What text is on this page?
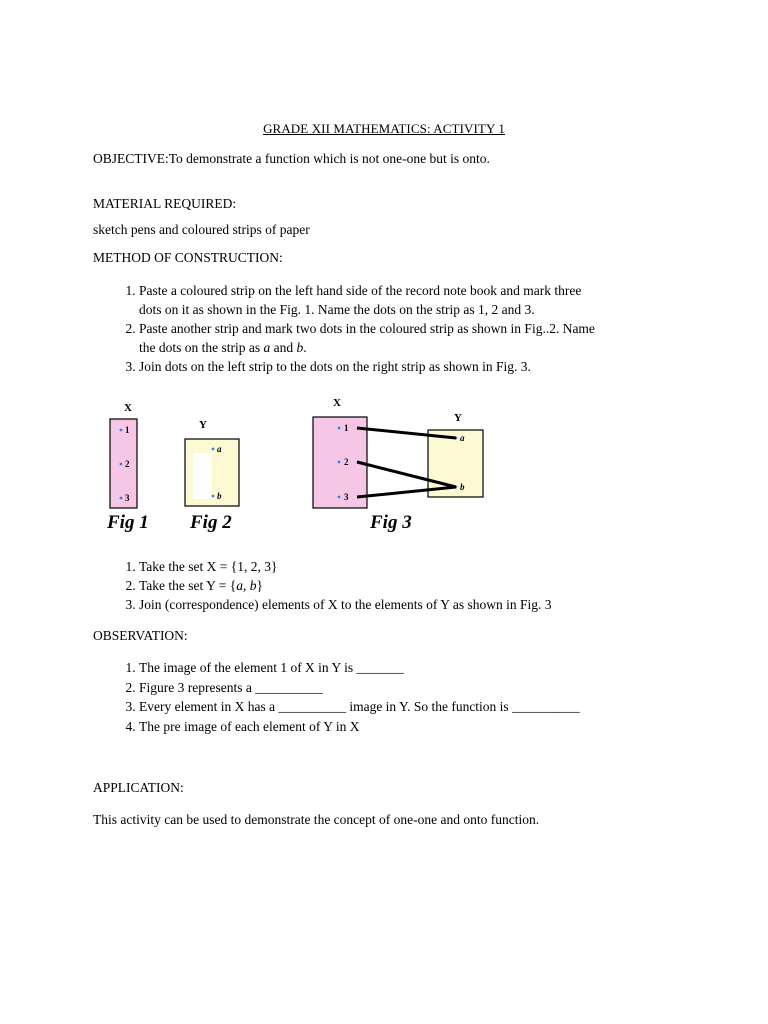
GRADE XII MATHEMATICS: ACTIVITY 1
OBJECTIVE:To demonstrate a function which is not one-one but is onto.
MATERIAL REQUIRED:
sketch pens and coloured strips of paper
METHOD OF CONSTRUCTION:
1. Paste a coloured strip on the left hand side of the record note book and mark three
dots on it as shown in the Fig. 1. Name the dots on the strip as 1, 2 and 3.
2. Paste another strip and mark two dots in the coloured strip as shown in Fig..2. Name
the dots on the strip as a and b.
3. Join dots on the left strip to the dots on the right strip as shown in Fig. 3.
X
1
2
3
Fig 1
Y
a
b
Fig 2
X
1
2
3
Y
a
b
Fig 3
1. Take the set X = {1, 2, 3}
2. Take the set Y = {a, b}
3. Join (correspondence) elements of X to the elements of Y as shown in Fig. 3
OBSERVATION:
1. The image of the element 1 of X in Y is _______
2. Figure 3 represents a __________
3. Every element in X has a __________ image in Y. So the function is __________
4. The pre image of each element of Y in X
APPLICATION:
This activity can be used to demonstrate the concept of one-one and onto function.
